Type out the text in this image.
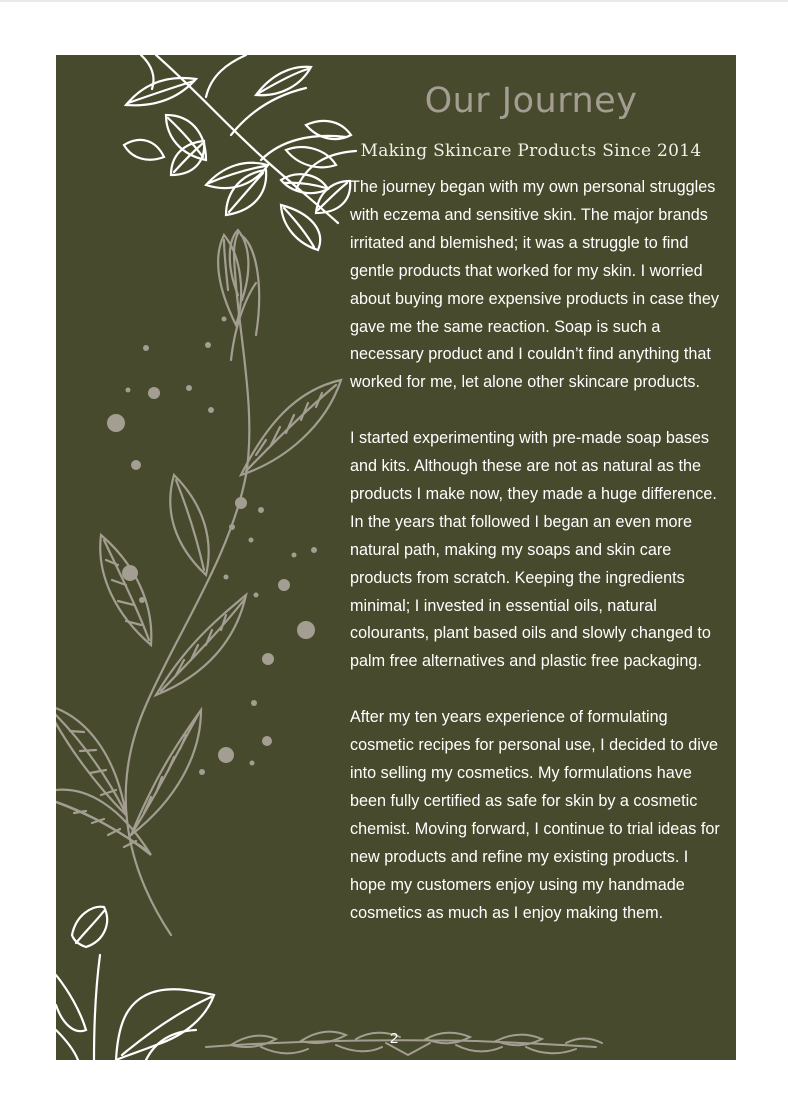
Our Journey
Making Skincare Products Since 2014

The journey began with my own personal struggles with eczema and sensitive skin. The major brands irritated and blemished; it was a struggle to find gentle products that worked for my skin. I worried about buying more expensive products in case they gave me the same reaction. Soap is such a necessary product and I couldn’t find anything that worked for me, let alone other skincare products.

I started experimenting with pre-made soap bases and kits. Although these are not as natural as the products I make now, they made a huge difference. In the years that followed I began an even more natural path, making my soaps and skin care products from scratch. Keeping the ingredients minimal; I invested in essential oils, natural colourants, plant based oils and slowly changed to palm free alternatives and plastic free packaging.

After my ten years experience of formulating cosmetic recipes for personal use, I decided to dive into selling my cosmetics. My formulations have been fully certified as safe for skin by a cosmetic chemist. Moving forward, I continue to trial ideas for new products and refine my existing products. I hope my customers enjoy using my handmade cosmetics as much as I enjoy making them.

2
